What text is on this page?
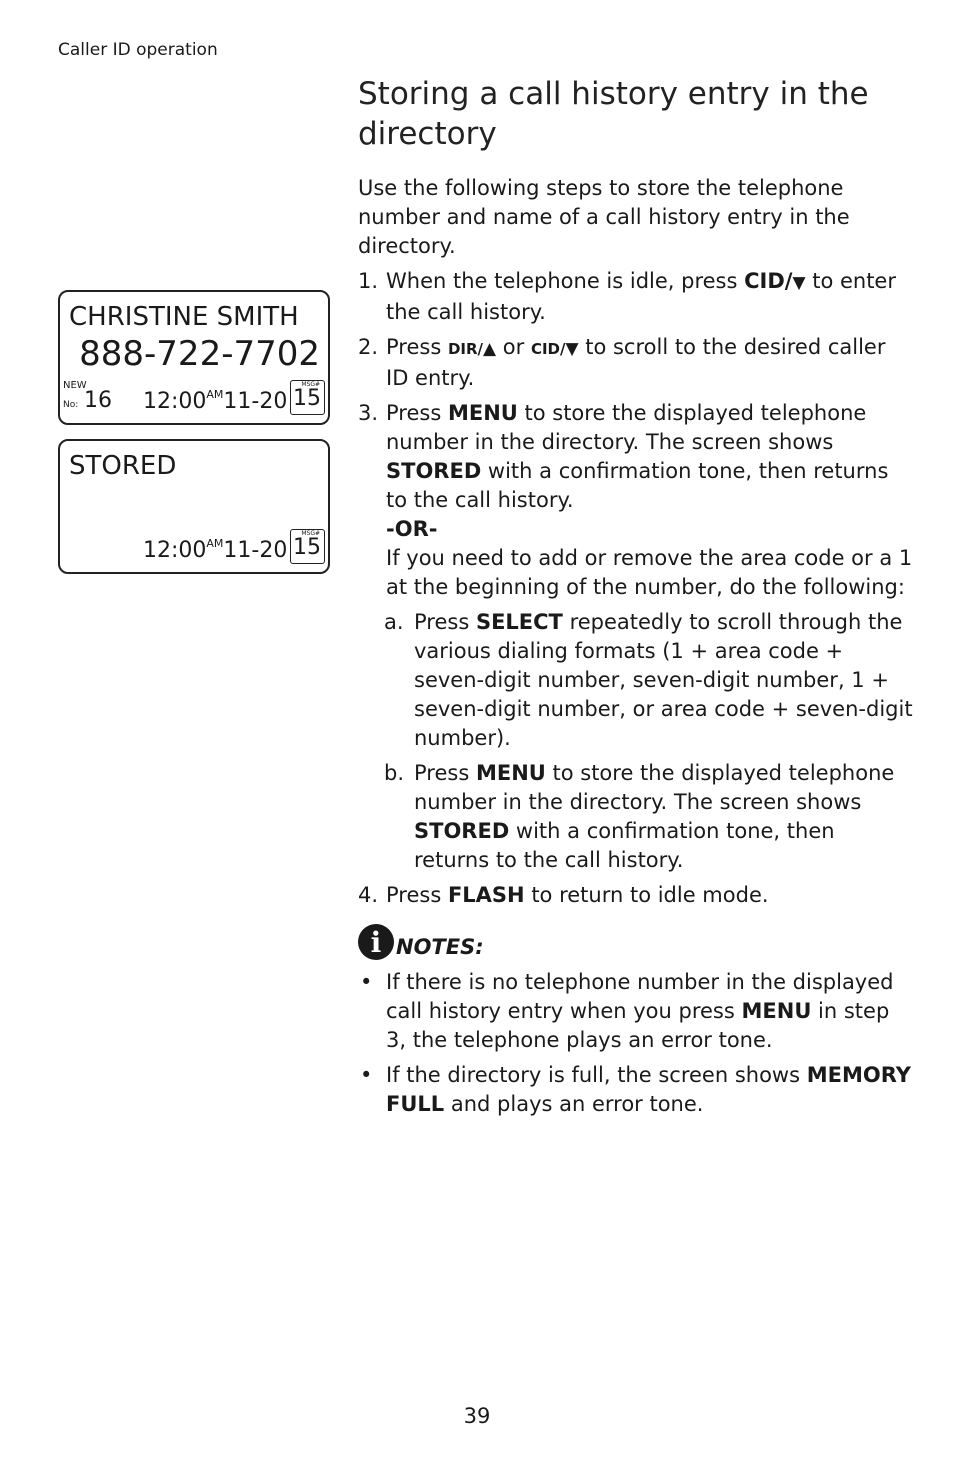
Caller ID operation
Storing a call history entry in the directory
CHRISTINE SMITH
888-722-7702
NEW
No: 16 $12:00^{AM}11-20$
MSG#
15
STORED
$12:00^{AM}11-20$
MSG#
15

Use the following steps to store the telephone number and name of a call history entry in the directory.

1. When the telephone is idle, press CID/▼ to enter the call history.
2. Press DIR/▲ or CID/▼ to scroll to the desired caller ID entry.
3. Press MENU to store the displayed telephone number in the directory. The screen shows STORED with a confirmation tone, then returns to the call history.
-OR-
If you need to add or remove the area code or a 1 at the beginning of the number, do the following:
a. Press SELECT repeatedly to scroll through the various dialing formats (1 + area code + seven-digit number, seven-digit number, 1 + seven-digit number, or area code + seven-digit number).
b. Press MENU to store the displayed telephone number in the directory. The screen shows STORED with a confirmation tone, then returns to the call history.
4. Press FLASH to return to idle mode.
i NOTES:
• If there is no telephone number in the displayed call history entry when you press MENU in step 3, the telephone plays an error tone.
• If the directory is full, the screen shows MEMORY FULL and plays an error tone.
39
